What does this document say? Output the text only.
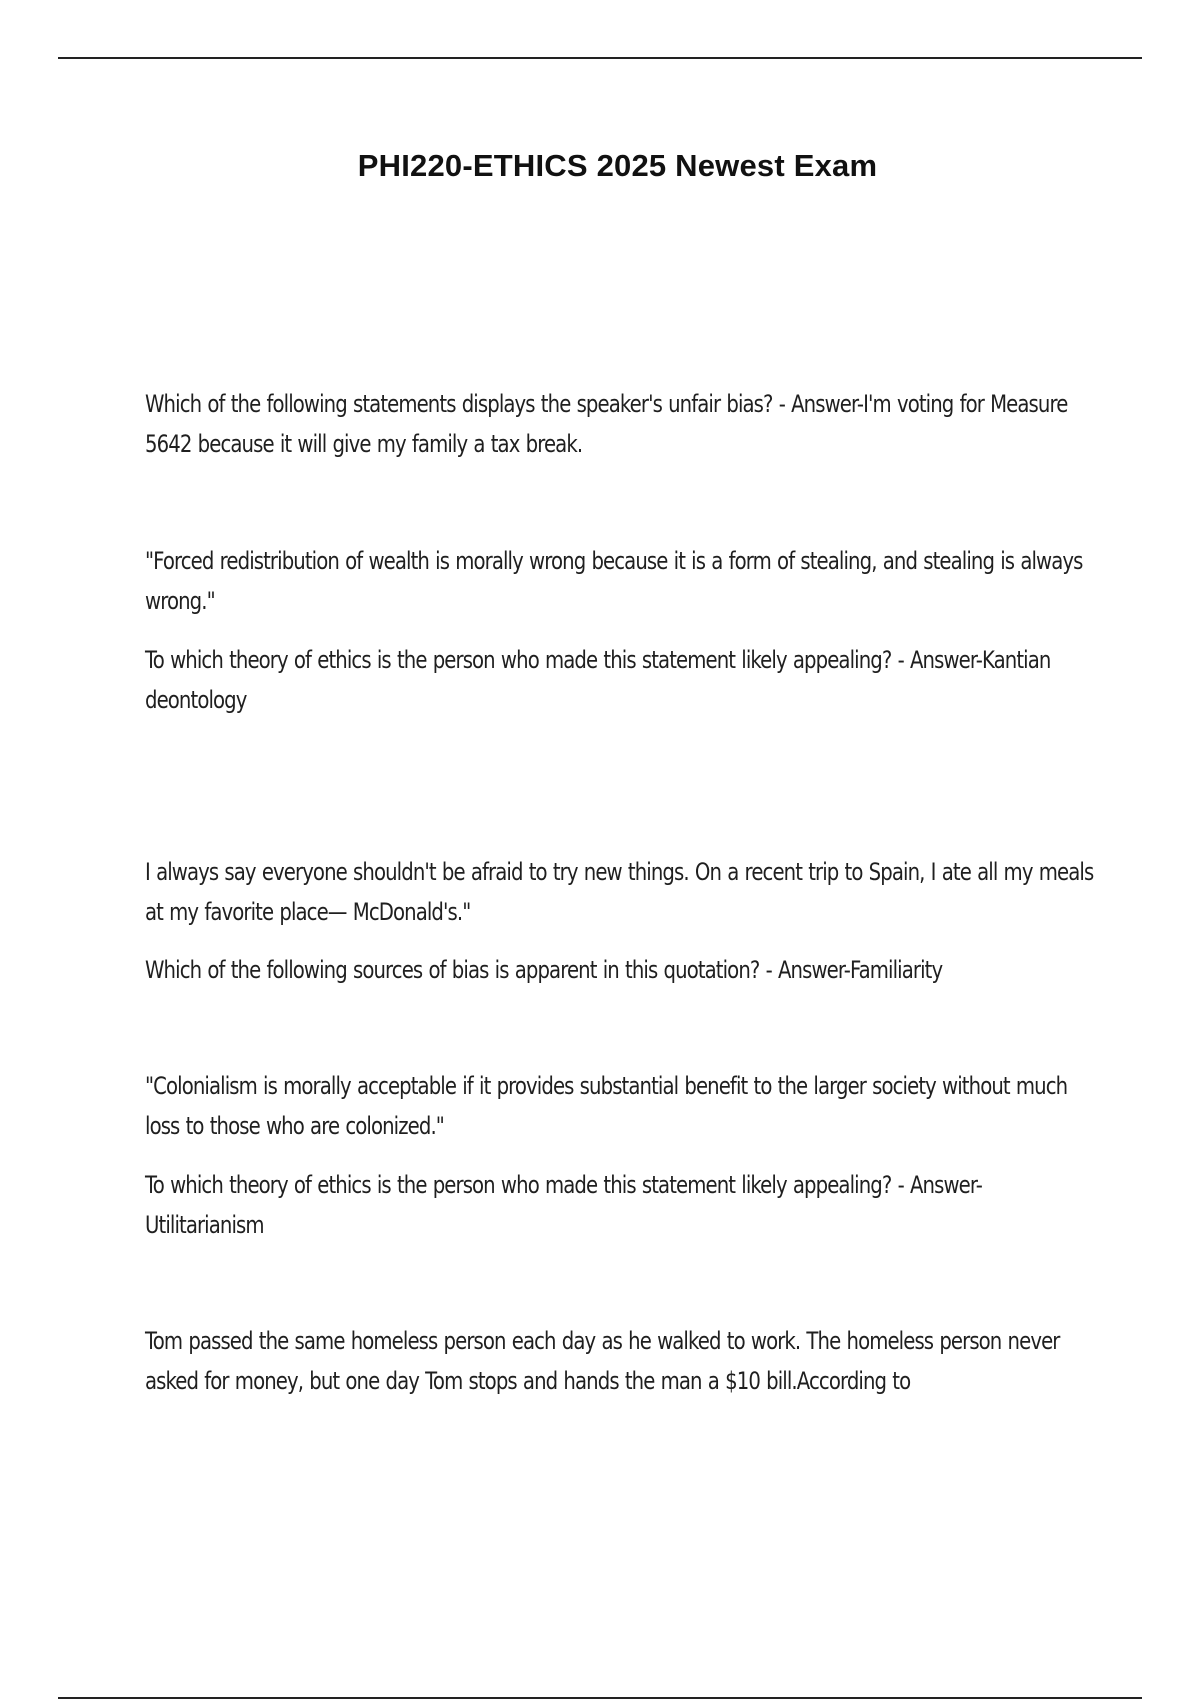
PHI220-ETHICS 2025 Newest Exam

Which of the following statements displays the speaker's unfair bias? - Answer-I'm voting for Measure 5642 because it will give my family a tax break.

"Forced redistribution of wealth is morally wrong because it is a form of stealing, and stealing is always wrong."

To which theory of ethics is the person who made this statement likely appealing? - Answer-Kantian deontology

I always say everyone shouldn't be afraid to try new things. On a recent trip to Spain, I ate all my meals at my favorite place— McDonald's."

Which of the following sources of bias is apparent in this quotation? - Answer-Familiarity

"Colonialism is morally acceptable if it provides substantial benefit to the larger society without much loss to those who are colonized."

To which theory of ethics is the person who made this statement likely appealing? - Answer-Utilitarianism

Tom passed the same homeless person each day as he walked to work. The homeless person never asked for money, but one day Tom stops and hands the man a $10 bill.According to
